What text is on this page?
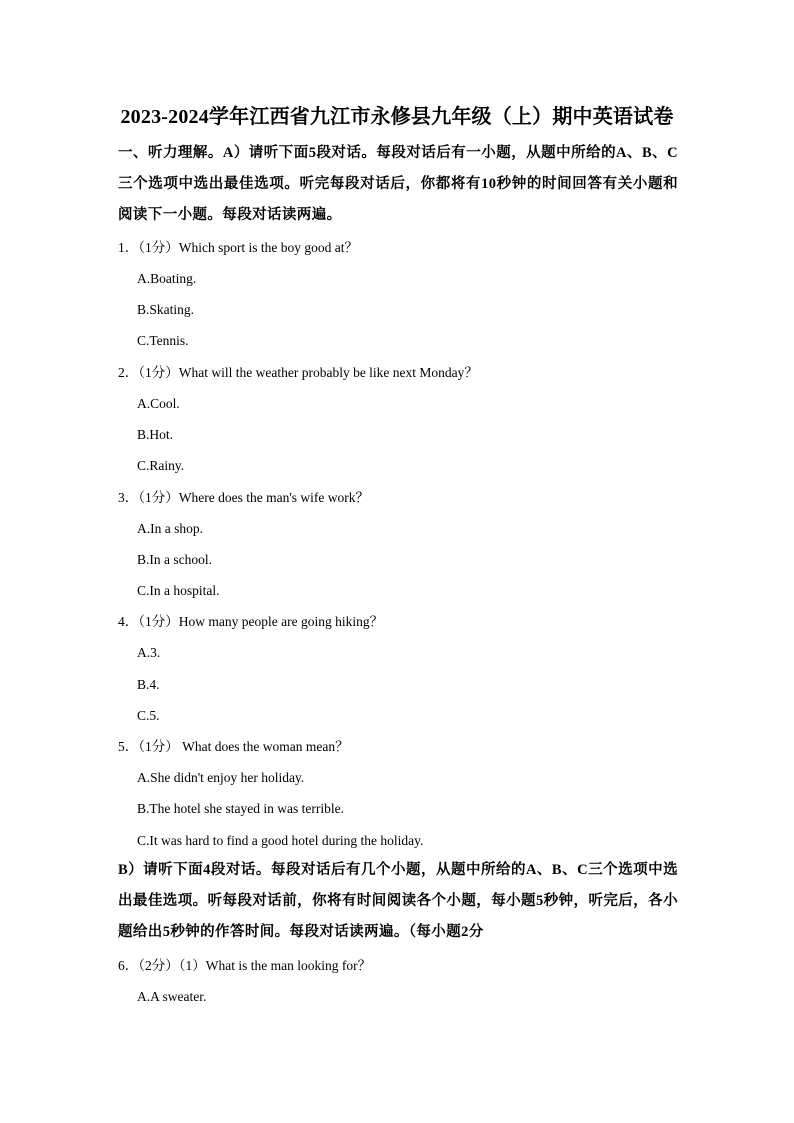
2023-2024学年江西省九江市永修县九年级（上）期中英语试卷
一、听力理解。A）请听下面5段对话。每段对话后有一小题，从题中所给的A、B、C三个选项中选出最佳选项。听完每段对话后，你都将有10秒钟的时间回答有关小题和阅读下一小题。每段对话读两遍。
1．（1分）Which sport is the boy good at？
A.Boating.
B.Skating.
C.Tennis.
2．（1分）What will the weather probably be like next Monday？
A.Cool.
B.Hot.
C.Rainy.
3．（1分）Where does the man's wife work？
A.In a shop.
B.In a school.
C.In a hospital.
4．（1分）How many people are going hiking？
A.3.
B.4.
C.5.
5．（1分） What does the woman mean？
A.She didn't enjoy her holiday.
B.The hotel she stayed in was terrible.
C.It was hard to find a good hotel during the holiday.
B）请听下面4段对话。每段对话后有几个小题，从题中所给的A、B、C三个选项中选出最佳选项。听每段对话前，你将有时间阅读各个小题，每小题5秒钟，听完后，各小题给出5秒钟的作答时间。每段对话读两遍。（每小题2分
6．（2分）（1）What is the man looking for？
A.A sweater.
